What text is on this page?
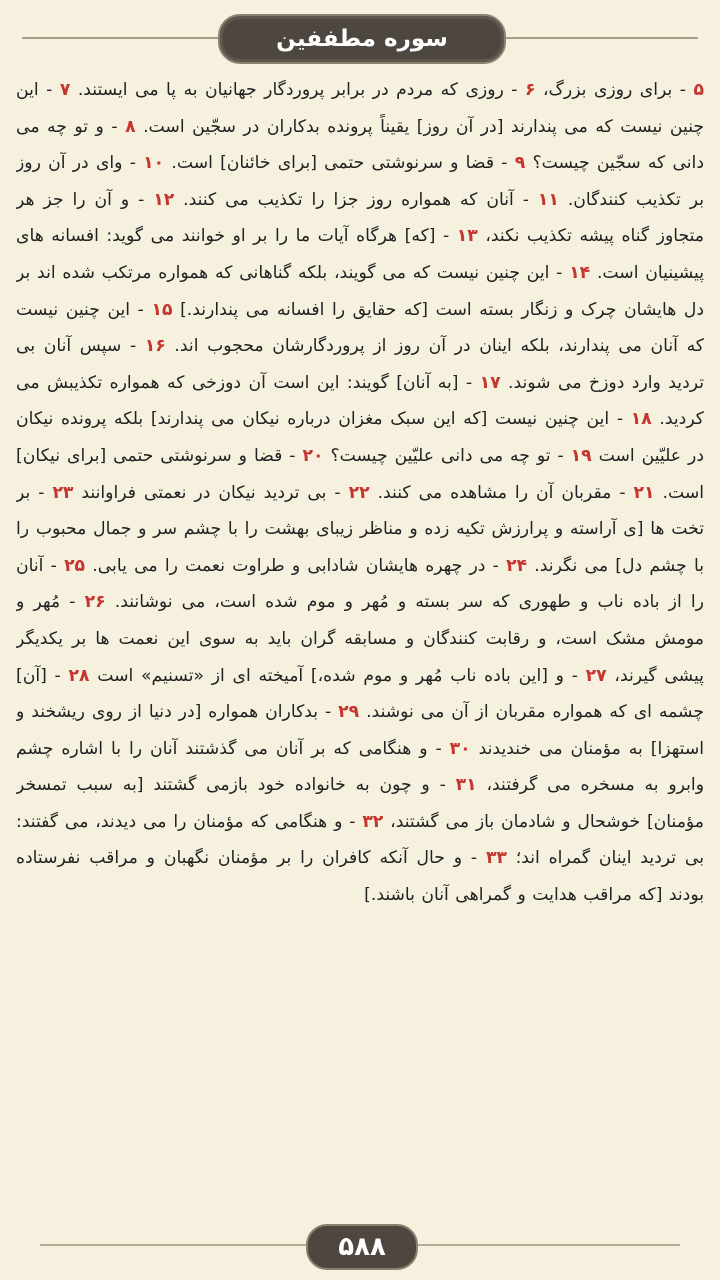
سوره مطففین
۵ - برای روزی بزرگ، ۶ - روزی که مردم در برابر پروردگار جهانیان به پا می ایستند. ۷ - این چنین نیست که می پندارند [در آن روز] یقیناً پرونده بدکاران در سجّین است. ۸ - و تو چه می دانی که سجّین چیست؟ ۹ - قضا و سرنوشتی حتمی [برای خائنان] است. ۱۰ - وای در آن روز بر تکذیب کنندگان. ۱۱ - آنان که همواره روز جزا را تکذیب می کنند. ۱۲ - و آن را جز هر متجاوز گناه پیشه تکذیب نکند، ۱۳ - [که] هرگاه آیات ما را بر او خوانند می گوید: افسانه های پیشینیان است. ۱۴ - این چنین نیست که می گویند، بلکه گناهانی که همواره مرتکب شده اند بر دل هایشان چرک و زنگار بسته است [که حقایق را افسانه می پندارند.] ۱۵ - این چنین نیست که آنان می پندارند، بلکه اینان در آن روز از پروردگارشان محجوب اند. ۱۶ - سپس آنان بی تردید وارد دوزخ می شوند. ۱۷ - [به آنان] گویند: این است آن دوزخی که همواره تکذیبش می کردید. ۱۸ - این چنین نیست [که این سبک مغزان درباره نیکان می پندارند] بلکه پرونده نیکان در علیّین است ۱۹ - تو چه می دانی علیّین چیست؟ ۲۰ - قضا و سرنوشتی حتمی [برای نیکان] است. ۲۱ - مقربان آن را مشاهده می کنند. ۲۲ - بی تردید نیکان در نعمتی فراوانند ۲۳ - بر تخت ها [ی آراسته و پرارزش تکیه زده و مناظر زیبای بهشت را با چشم سر و جمال محبوب را با چشم دل] می نگرند. ۲۴ - در چهره هایشان شادابی و طراوت نعمت را می یابی. ۲۵ - آنان را از باده ناب و طهوری که سر بسته و مُهر و موم شده است، می نوشانند. ۲۶ - مُهر و مومش مشک است، و رقابت کنندگان و مسابقه گران باید به سوی این نعمت ها بر یکدیگر پیشی گیرند، ۲۷ - و [این باده ناب مُهر و موم شده،] آمیخته ای از «تسنیم» است ۲۸ - [آن] چشمه ای که همواره مقربان از آن می نوشند. ۲۹ - بدکاران همواره [در دنیا از روی ریشخند و استهزا] به مؤمنان می خندیدند ۳۰ - و هنگامی که بر آنان می گذشتند آنان را با اشاره چشم وابرو به مسخره می گرفتند، ۳۱ - و چون به خانواده خود بازمی گشتند [به سبب تمسخر مؤمنان] خوشحال و شادمان باز می گشتند، ۳۲ - و هنگامی که مؤمنان را می دیدند، می گفتند: بی تردید اینان گمراه اند؛ ۳۳ - و حال آنکه کافران را بر مؤمنان نگهبان و مراقب نفرستاده بودند [که مراقب هدایت و گمراهی آنان باشند.]
۵۸۸
